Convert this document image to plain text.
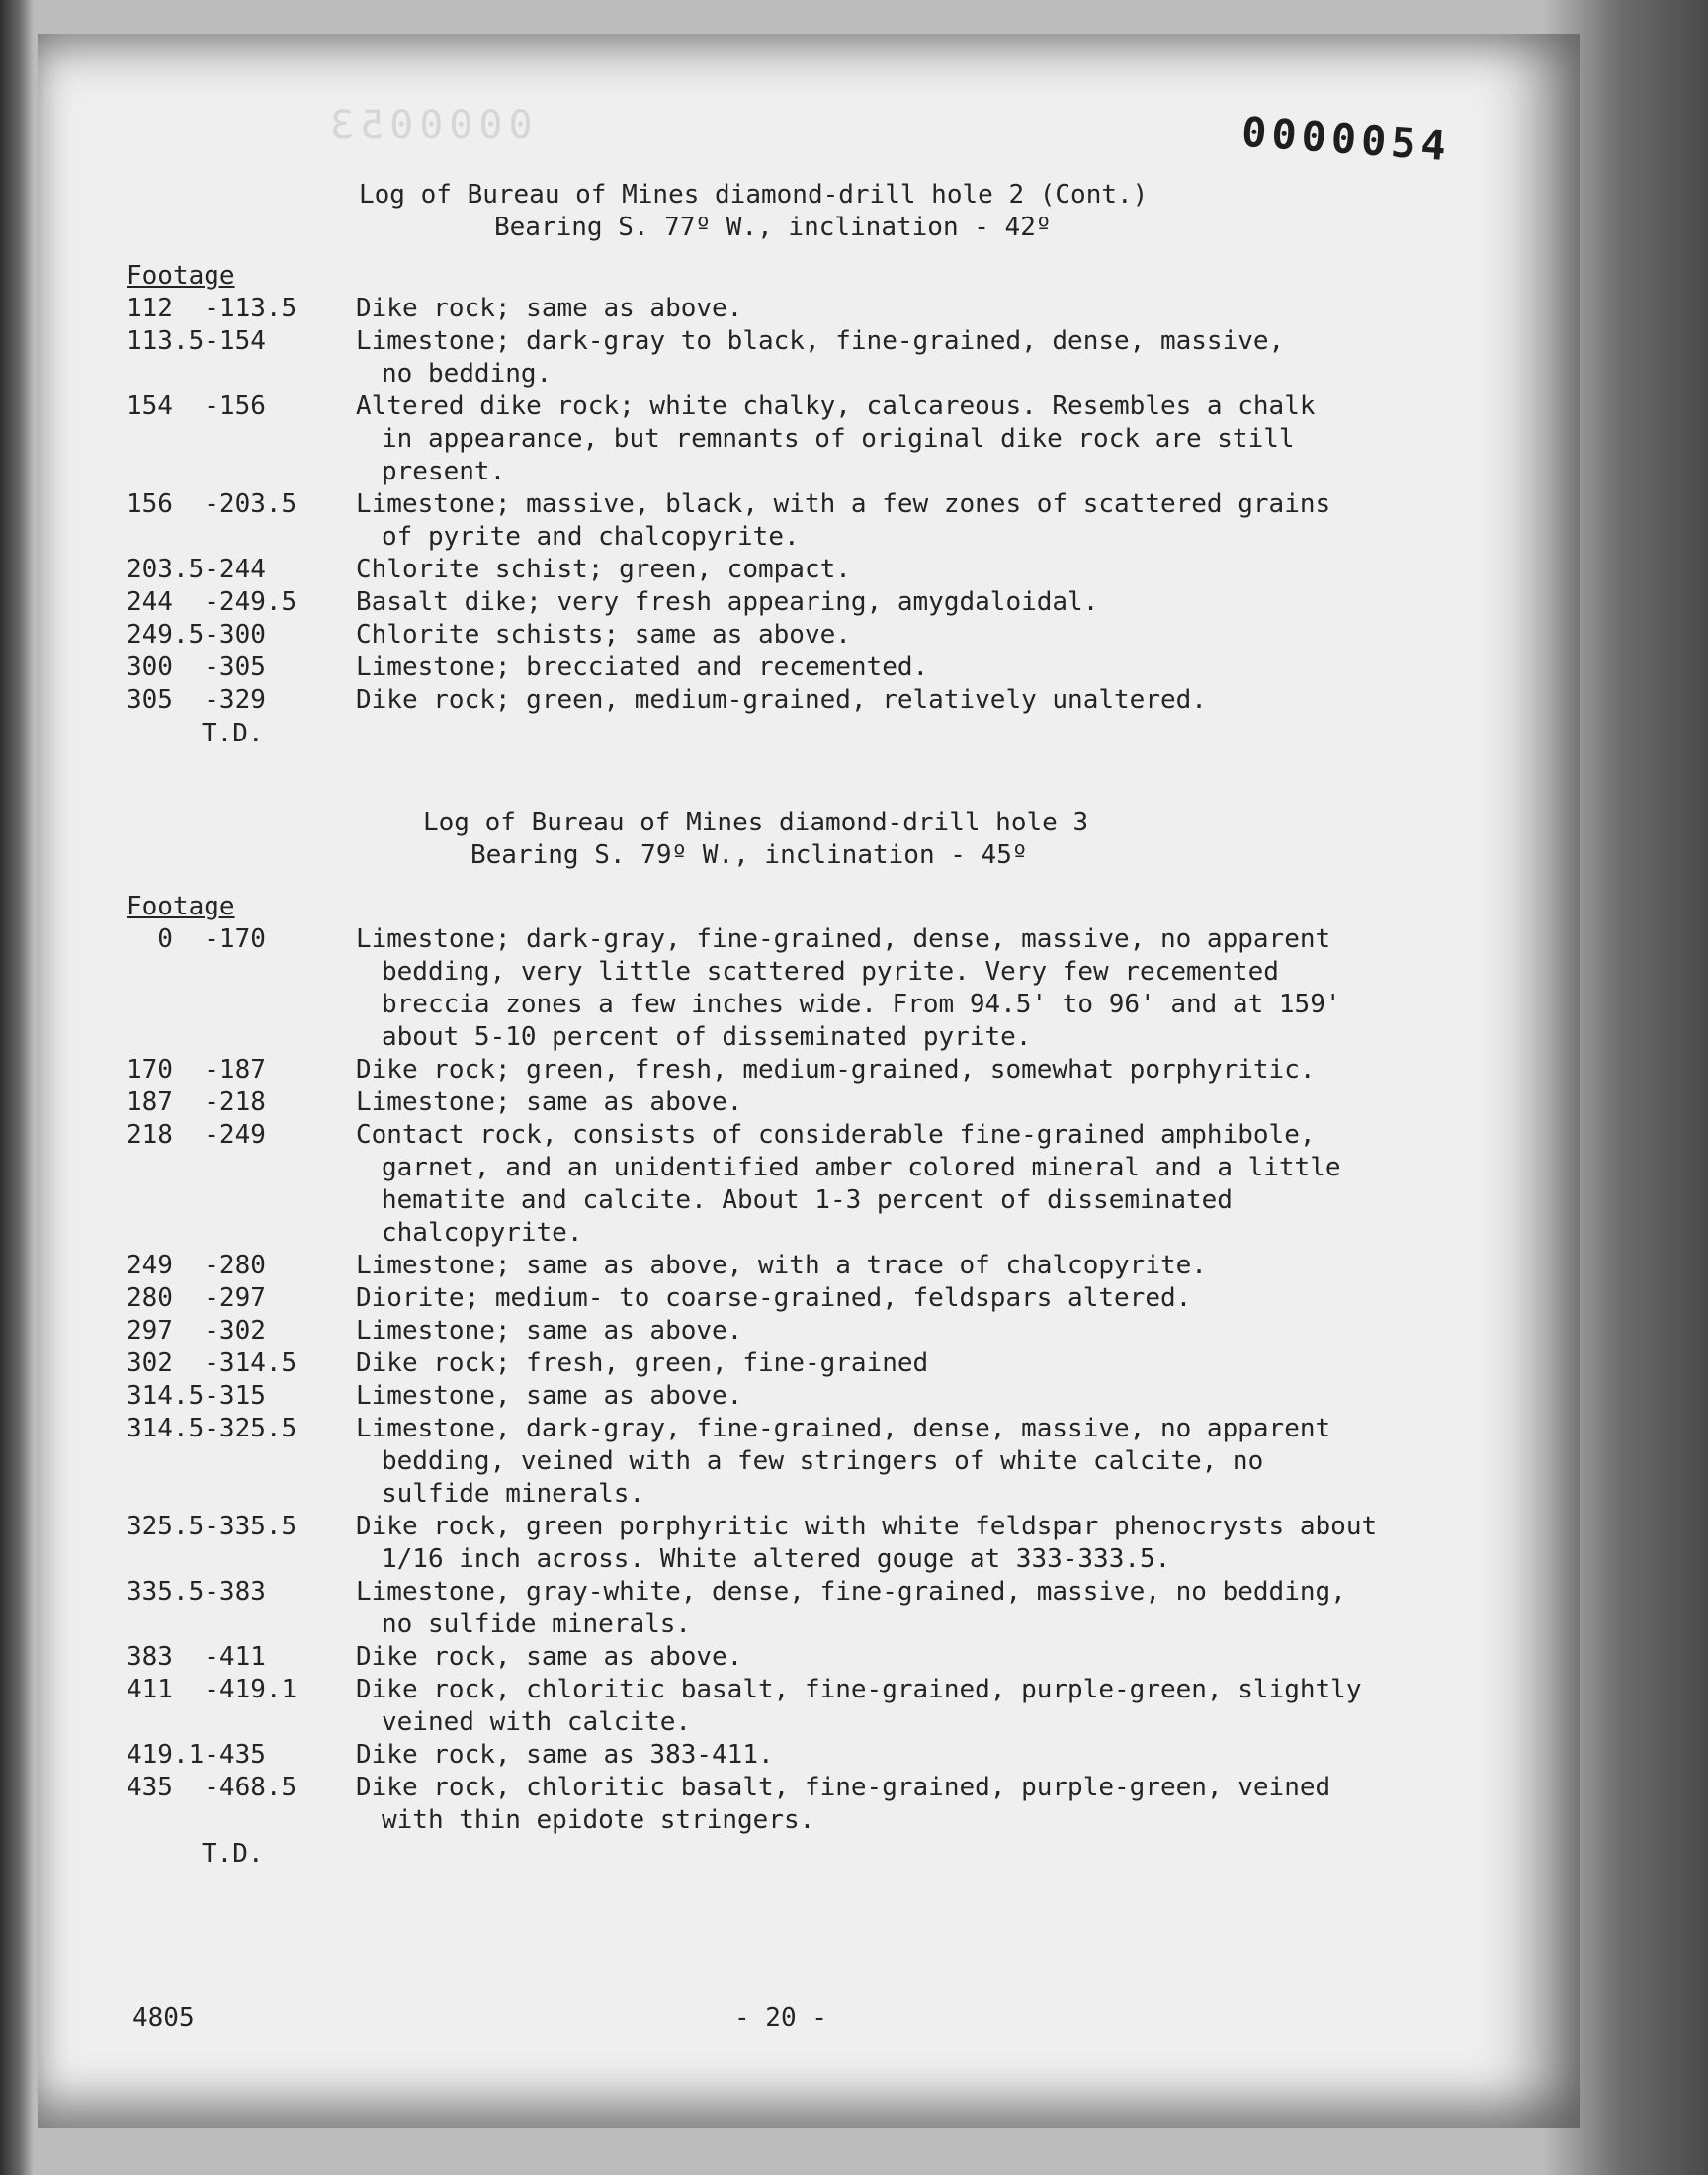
0000053	0000054
Log of Bureau of Mines diamond-drill hole 2 (Cont.)
Bearing S. 77º W., inclination - 42º
Footage
112  -113.5 Dike rock; same as above.
113.5-154	Limestone; dark-gray to black, fine-grained, dense, massive,
no bedding.
154  -156	Altered dike rock; white chalky, calcareous. Resembles a chalk
in appearance, but remnants of original dike rock are still
present.
156  -203.5 Limestone; massive, black, with a few zones of scattered grains
of pyrite and chalcopyrite.
203.5-244	Chlorite schist; green, compact.
244  -249.5 Basalt dike; very fresh appearing, amygdaloidal.
249.5-300	Chlorite schists; same as above.
300  -305	Limestone; brecciated and recemented.
305  -329	Dike rock; green, medium-grained, relatively unaltered.
T.D.
Log of Bureau of Mines diamond-drill hole 3
Bearing S. 79º W., inclination - 45º
Footage
0  -170	Limestone; dark-gray, fine-grained, dense, massive, no apparent
bedding, very little scattered pyrite. Very few recemented
breccia zones a few inches wide. From 94.5' to 96' and at 159'
about 5-10 percent of disseminated pyrite.
170  -187	Dike rock; green, fresh, medium-grained, somewhat porphyritic.
187  -218	Limestone; same as above.
218  -249	Contact rock, consists of considerable fine-grained amphibole,
garnet, and an unidentified amber colored mineral and a little
hematite and calcite. About 1-3 percent of disseminated
chalcopyrite.
249  -280	Limestone; same as above, with a trace of chalcopyrite.
280  -297	Diorite; medium- to coarse-grained, feldspars altered.
297  -302	Limestone; same as above.
302  -314.5 Dike rock; fresh, green, fine-grained
314.5-315	Limestone, same as above.
314.5-325.5 Limestone, dark-gray, fine-grained, dense, massive, no apparent
bedding, veined with a few stringers of white calcite, no
sulfide minerals.
325.5-335.5 Dike rock, green porphyritic with white feldspar phenocrysts about
1/16 inch across. White altered gouge at 333-333.5.
335.5-383	Limestone, gray-white, dense, fine-grained, massive, no bedding,
no sulfide minerals.
383  -411	Dike rock, same as above.
411  -419.1 Dike rock, chloritic basalt, fine-grained, purple-green, slightly
veined with calcite.
419.1-435	Dike rock, same as 383-411.
435  -468.5 Dike rock, chloritic basalt, fine-grained, purple-green, veined
with thin epidote stringers.
T.D.
4805	- 20 -
